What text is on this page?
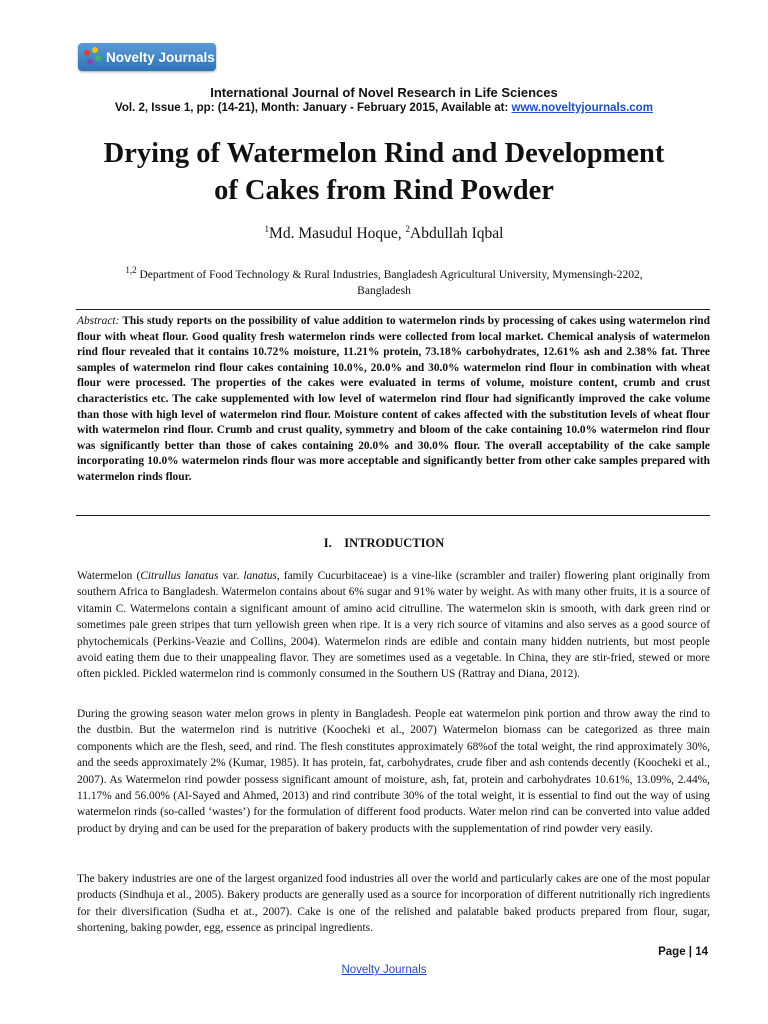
Novelty Journals
International Journal of Novel Research in Life Sciences
Vol. 2, Issue 1, pp: (14-21), Month: January - February 2015, Available at: www.noveltyjournals.com
Drying of Watermelon Rind and Development
of Cakes from Rind Powder
$^1$Md. Masudul Hoque, $^2$Abdullah Iqbal
$^{1,2}$ Department of Food Technology & Rural Industries, Bangladesh Agricultural University, Mymensingh-2202,
Bangladesh

Abstract: This study reports on the possibility of value addition to watermelon rinds by processing of cakes using watermelon rind flour with wheat flour. Good quality fresh watermelon rinds were collected from local market. Chemical analysis of watermelon rind flour revealed that it contains 10.72% moisture, 11.21% protein, 73.18% carbohydrates, 12.61% ash and 2.38% fat. Three samples of watermelon rind flour cakes containing 10.0%, 20.0% and 30.0% watermelon rind flour in combination with wheat flour were processed. The properties of the cakes were evaluated in terms of volume, moisture content, crumb and crust characteristics etc. The cake supplemented with low level of watermelon rind flour had significantly improved the cake volume than those with high level of watermelon rind flour. Moisture content of cakes affected with the substitution levels of wheat flour with watermelon rind flour. Crumb and crust quality, symmetry and bloom of the cake containing 10.0% watermelon rind flour was significantly better than those of cakes containing 20.0% and 30.0% flour. The overall acceptability of the cake sample incorporating 10.0% watermelon rinds flour was more acceptable and significantly better from other cake samples prepared with watermelon rinds flour.

I.    INTRODUCTION

Watermelon (Citrullus lanatus var. lanatus, family Cucurbitaceae) is a vine-like (scrambler and trailer) flowering plant originally from southern Africa to Bangladesh. Watermelon contains about 6% sugar and 91% water by weight. As with many other fruits, it is a source of vitamin C. Watermelons contain a significant amount of amino acid citrulline. The watermelon skin is smooth, with dark green rind or sometimes pale green stripes that turn yellowish green when ripe. It is a very rich source of vitamins and also serves as a good source of phytochemicals (Perkins-Veazie and Collins, 2004). Watermelon rinds are edible and contain many hidden nutrients, but most people avoid eating them due to their unappealing flavor. They are sometimes used as a vegetable. In China, they are stir-fried, stewed or more often pickled. Pickled watermelon rind is commonly consumed in the Southern US (Rattray and Diana, 2012).

During the growing season water melon grows in plenty in Bangladesh. People eat watermelon pink portion and throw away the rind to the dustbin. But the watermelon rind is nutritive (Koocheki et al., 2007) Watermelon biomass can be categorized as three main components which are the flesh, seed, and rind. The flesh constitutes approximately 68%of the total weight, the rind approximately 30%, and the seeds approximately 2% (Kumar, 1985). It has protein, fat, carbohydrates, crude fiber and ash contends decently (Koocheki et al., 2007). As Watermelon rind powder possess significant amount of moisture, ash, fat, protein and carbohydrates 10.61%, 13.09%, 2.44%, 11.17% and 56.00% (Al-Sayed and Ahmed, 2013) and rind contribute 30% of the total weight, it is essential to find out the way of using watermelon rinds (so-called ‘wastes’) for the formulation of different food products. Water melon rind can be converted into value added product by drying and can be used for the preparation of bakery products with the supplementation of rind powder very easily.

The bakery industries are one of the largest organized food industries all over the world and particularly cakes are one of the most popular products (Sindhuja et al., 2005). Bakery products are generally used as a source for incorporation of different nutritionally rich ingredients for their diversification (Sudha et at., 2007). Cake is one of the relished and palatable baked products prepared from flour, sugar, shortening, baking powder, egg, essence as principal ingredients.

Page | 14
Novelty Journals
